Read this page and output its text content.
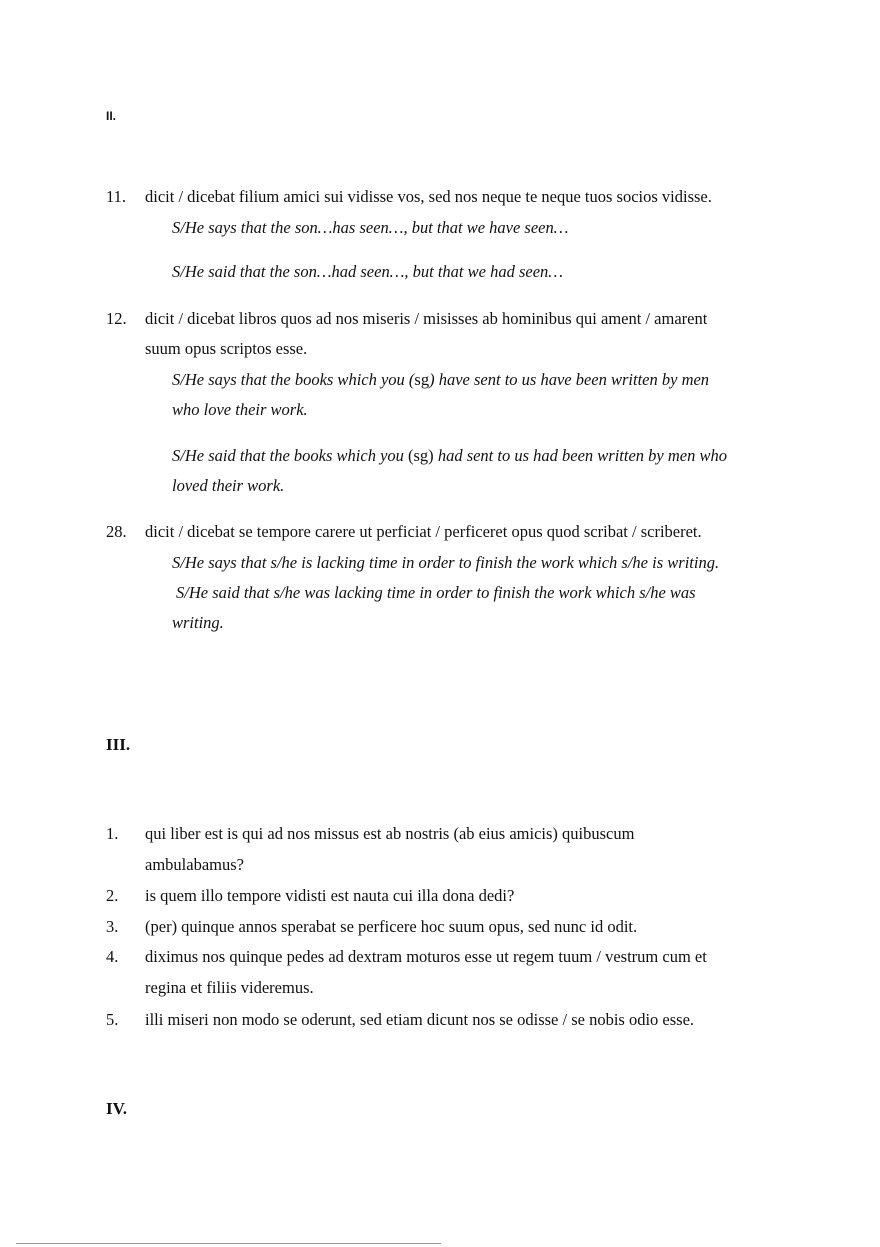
II.
11. dicit / dicebat filium amici sui vidisse vos, sed nos neque te neque tuos socios vidisse.
S/He says that the son…has seen…, but that we have seen…
S/He said that the son…had seen…, but that we had seen…
12. dicit / dicebat libros quos ad nos miseris / misisses ab hominibus qui ament / amarent
suum opus scriptos esse.
S/He says that the books which you (sg) have sent to us have been written by men
who love their work.
S/He said that the books which you (sg) had sent to us had been written by men who
loved their work.
28. dicit / dicebat se tempore carere ut perficiat / perficeret opus quod scribat / scriberet.
S/He says that s/he is lacking time in order to finish the work which s/he is writing.
S/He said that s/he was lacking time in order to finish the work which s/he was
writing.
III.
1. qui liber est is qui ad nos missus est ab nostris (ab eius amicis) quibuscum
ambulabamus?
2. is quem illo tempore vidisti est nauta cui illa dona dedi?
3. (per) quinque annos sperabat se perficere hoc suum opus, sed nunc id odit.
4. diximus nos quinque pedes ad dextram moturos esse ut regem tuum / vestrum cum et
regina et filiis videremus.
5. illi miseri non modo se oderunt, sed etiam dicunt nos se odisse / se nobis odio esse.
IV.
